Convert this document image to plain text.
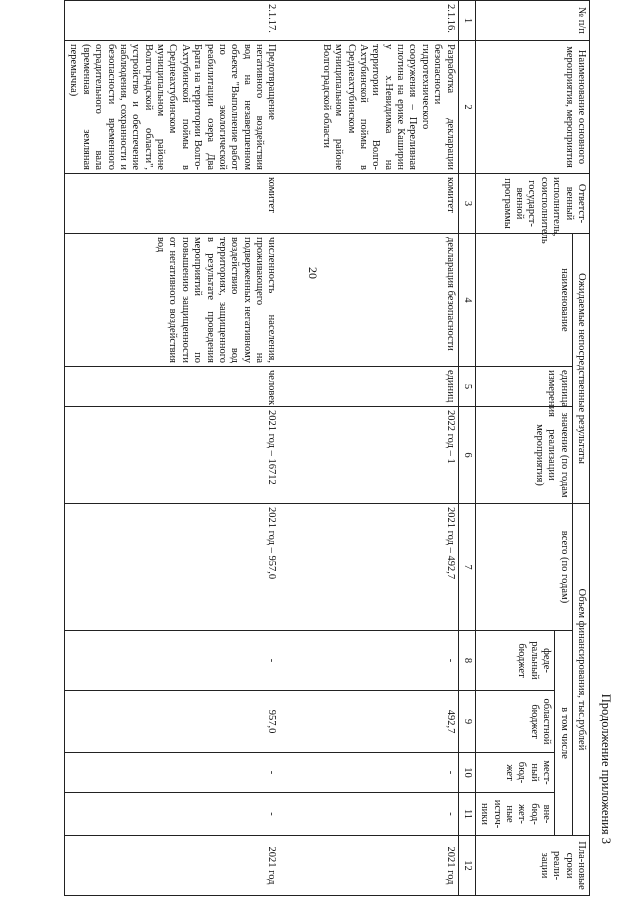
20
Продолжение приложения 3
№ п/п	Наименование основного мероприятия, мероприятия	Ответст-венный исполнитель, соисполнитель государст-венной программы	Ожидаемые непосредственные результаты			Объем финансирования, тыс.рублей					Пла-новые сроки реали-зации
			наименование	единица измерения	значение (по годам реализации мероприятия)	всего (по годам)	в том числе				
							феде-ральный бюджет	областной бюджет	мест-ный бюд-жет	вне-бюд-жет-ные источ-ники	

1	2	3	4	5	6	7	8	9	10	11	12
2.1.16.	Разработка декларации безопасности гидротехнического сооружения – Переливная плотина на ерике Каширин у х.Невидимка на территории Волго-Ахтубинской поймы в Среднеахтубинском муниципальном районе Волгоградской области	комитет	декларация безопасности	единиц	2022 год – 1	2021 год – 492,7	-	492,7	-	-	2021 год
2.1.17.	Предотвращение негативного воздействия вод на незавершенном объекте "Выполнение работ по экологической реабилитации озера Два Брата на территории Волго-Ахтубинской поймы в Среднеахтубинском муниципальном районе Волгоградской области", устройство и обеспечение наблюдения, сохранности и безопасности временного оградительного вала (временная земляная перемычка)	комитет	численность населения, проживающего на подверженных негативному воздействию вод территориях, защищенного в результате проведения мероприятий по повышению защищенности от негативного воздействия вод	человек	2021 год – 16712	2021 год – 957,0	-	957,0	-	-	2021 год
